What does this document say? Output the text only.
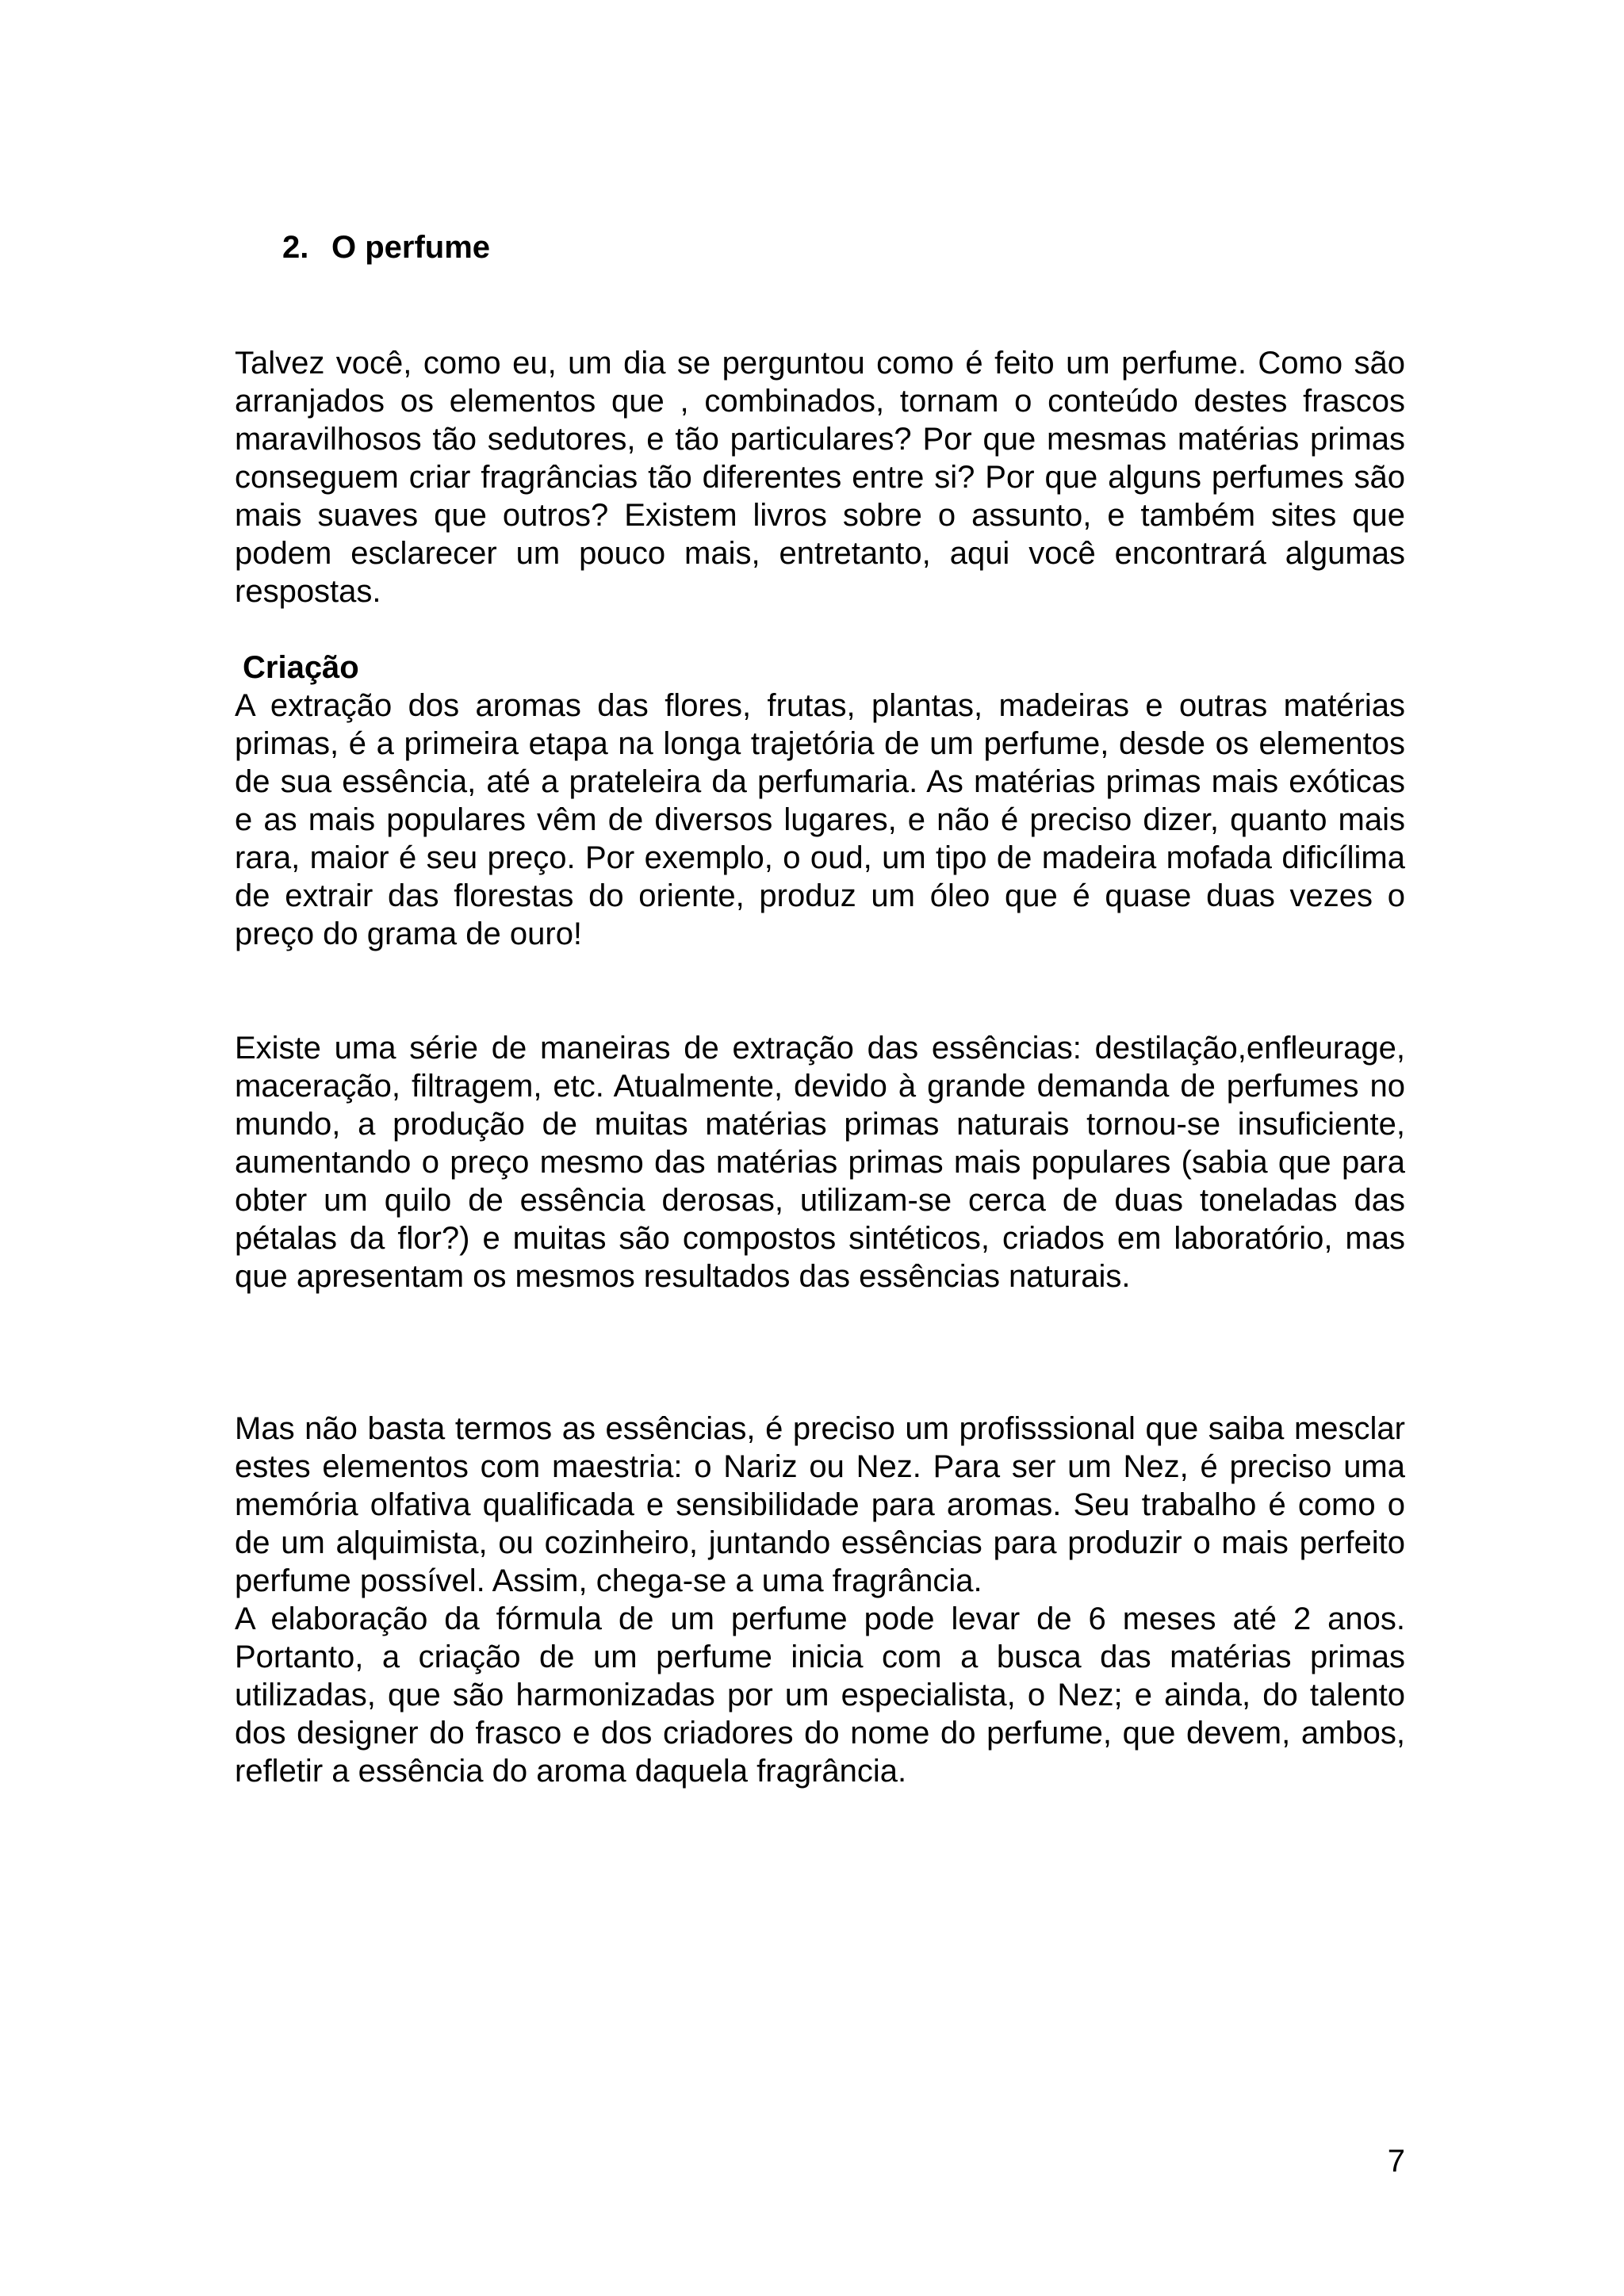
2. O perfume

Talvez você, como eu, um dia se perguntou como é feito um perfume. Como são arranjados os elementos que , combinados, tornam o conteúdo destes frascos maravilhosos tão sedutores, e tão particulares? Por que mesmas matérias primas conseguem criar fragrâncias tão diferentes entre si? Por que alguns perfumes são mais suaves que outros? Existem livros sobre o assunto, e também sites que podem esclarecer um pouco mais, entretanto, aqui você encontrará algumas respostas.

Criação

A extração dos aromas das flores, frutas, plantas, madeiras e outras matérias primas, é a primeira etapa na longa trajetória de um perfume, desde os elementos de sua essência, até a prateleira da perfumaria. As matérias primas mais exóticas e as mais populares vêm de diversos lugares, e não é preciso dizer, quanto mais rara, maior é seu preço. Por exemplo, o oud, um tipo de madeira mofada dificílima de extrair das florestas do oriente, produz um óleo que é quase duas vezes o preço do grama de ouro!

Existe uma série de maneiras de extração das essências: destilação,enfleurage, maceração, filtragem, etc. Atualmente, devido à grande demanda de perfumes no mundo, a produção de muitas matérias primas naturais tornou-se insuficiente, aumentando o preço mesmo das matérias primas mais populares (sabia que para obter um quilo de essência derosas, utilizam-se cerca de duas toneladas das pétalas da flor?) e muitas são compostos sintéticos, criados em laboratório, mas que apresentam os mesmos resultados das essências naturais.

Mas não basta termos as essências, é preciso um profisssional que saiba mesclar estes elementos com maestria: o Nariz ou Nez. Para ser um Nez, é preciso uma memória olfativa qualificada e sensibilidade para aromas. Seu trabalho é como o de um alquimista, ou cozinheiro, juntando essências para produzir o mais perfeito perfume possível. Assim, chega-se a uma fragrância.

A elaboração da fórmula de um perfume pode levar de 6 meses até 2 anos. Portanto, a criação de um perfume inicia com a busca das matérias primas utilizadas, que são harmonizadas por um especialista, o Nez; e ainda, do talento dos designer do frasco e dos criadores do nome do perfume, que devem, ambos, refletir a essência do aroma daquela fragrância.

7
